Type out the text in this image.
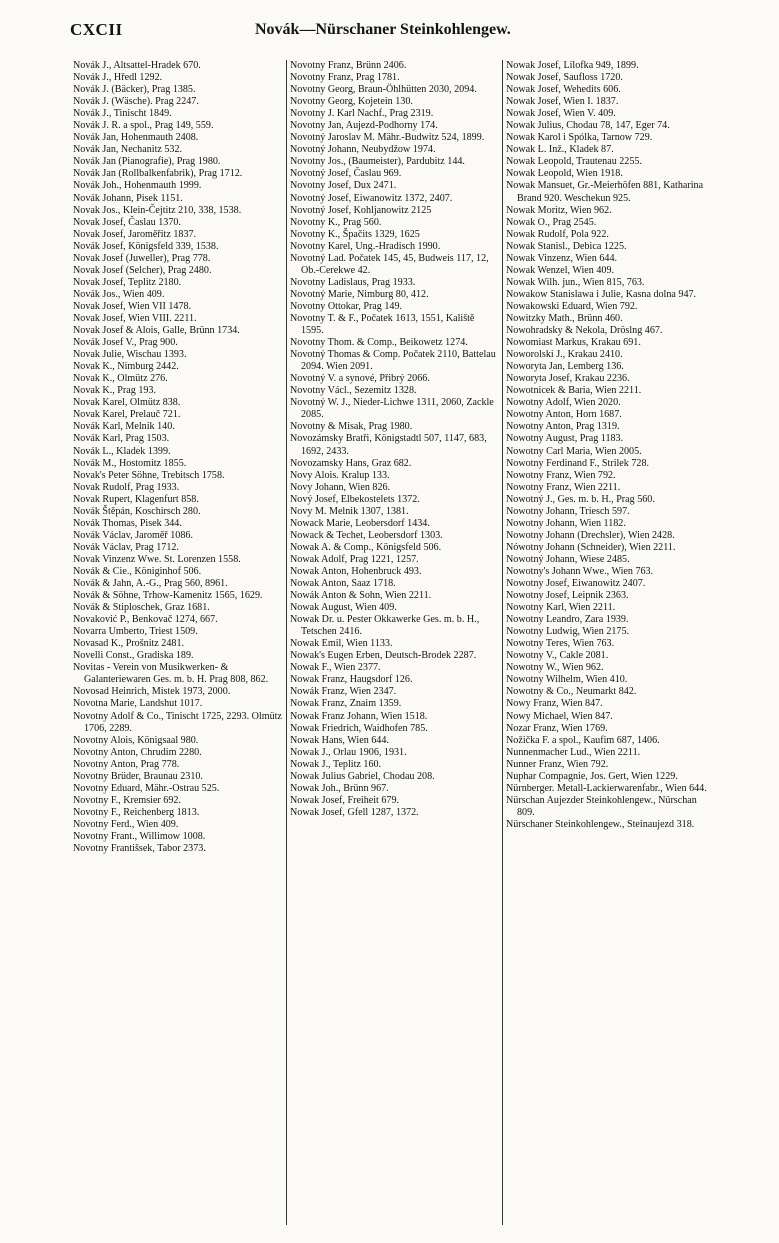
CXCII	Novák—Nürschaner Steinkohlengew.
Novák J., Altsattel-Hradek 670.
Novák J., Hředl 1292.
Novák J. (Bäcker), Prag 1385.
Novák J. (Wäsche). Prag 2247.
Novák J., Tinischt 1849.
Novák J. R. a spol., Prag 149, 559.
Novák Jan, Hohenmauth 2408.
Novák Jan, Nechanitz 532.
Novák Jan (Pianografie), Prag 1980.
Novák Jan (Rollbalkenfabrik), Prag 1712.
Novák Joh., Hohenmauth 1999.
Novák Johann, Pisek 1151.
Novak Jos., Klein-Čejtitz 210, 338, 1538.
Novak Josef, Časlau 1370.
Novak Josef, Jaroměřitz 1837.
Novák Josef, Königsfeld 339, 1538.
Novak Josef (Juweller), Prag 778.
Novak Josef (Selcher), Prag 2480.
Novak Josef, Teplitz 2180.
Novák Jos., Wien 409.
Novak Josef, Wien VII 1478.
Novak Josef, Wien VIII. 2211.
Novak Josef & Alois, Galle, Brünn 1734.
Novák Josef V., Prag 900.
Novak Julie, Wischau 1393.
Novak K., Nimburg 2442.
Novak K., Olmütz 276.
Novak K., Prag 193.
Novak Karel, Olmütz 838.
Novak Karel, Prelauč 721.
Novák Karl, Melnik 140.
Novák Karl, Prag 1503.
Novák L., Kladek 1399.
Novák M., Hostomitz 1855.
Novak's Peter Söhne, Trebitsch 1758.
Novak Rudolf, Prag 1933.
Novak Rupert, Klagenfurt 858.
Novák Štěpán, Koschirsch 280.
Novák Thomas, Pisek 344.
Novák Václav, Jaroměř 1086.
Novák Václav, Prag 1712.
Novak Vinzenz Wwe. St. Lorenzen 1558.
Novák & Cie., Königinhof 506.
Novák & Jahn, A.-G., Prag 560, 8961.
Novák & Söhne, Trhow-Kamenitz 1565, 1629.
Novák & Stiploschek, Graz 1681.
Novaković P., Benkovač 1274, 667.
Novarra Umberto, Triest 1509.
Novasad K., Prošnitz 2481.
Novelli Const., Gradiska 189.
Novitas - Verein von Musikwerken- & Galanteriewaren Ges. m. b. H. Prag 808, 862.
Novosad Heinrich, Mistek 1973, 2000.
Novotna Marie, Landshut 1017.
Novotny Adolf & Co., Tinischt 1725, 2293. Olmütz 1706, 2289.
Novotny Alois, Königsaal 980.
Novotny Anton, Chrudim 2280.
Novotny Anton, Prag 778.
Novotny Brüder, Braunau 2310.
Novotny Eduard, Mähr.-Ostrau 525.
Novotny F., Kremsier 692.
Novotny F., Reichenberg 1813.
Novotny Ferd., Wien 409.
Novotny Frant., Willimow 1008.
Novotny Františsek, Tabor 2373.
Novotny Franz, Brünn 2406.
Novotny Franz, Prag 1781.
Novotny Georg, Braun-Öhlhütten 2030, 2094.
Novotny Georg, Kojetein 130.
Novotny J. Karl Nachf., Prag 2319.
Novotny Jan, Aujezd-Podhorny 174.
Novotný Jaroslav M. Mähr.-Budwitz 524, 1899.
Novotný Johann, Neubydžow 1974.
Novotny Jos., (Baumeister), Pardubitz 144.
Novotný Josef, Časlau 969.
Novotny Josef, Dux 2471.
Novotný Josef, Eiwanowitz 1372, 2407.
Novotný Josef, Kohljanowitz 2125
Novotny K., Prag 560.
Novotny K., Špačits 1329, 1625
Novotny Karel, Ung.-Hradisch 1990.
Novotný Lad. Počatek 145, 45, Budweis 117, 12, Ob.-Cerekwe 42.
Novotny Ladislaus, Prag 1933.
Novotný Marie, Nimburg 80, 412.
Novotny Ottokar, Prag 149.
Novotny T. & F., Počatek 1613, 1551, Kaliště 1595.
Novotny Thom. & Comp., Beikowetz 1274.
Novotný Thomas & Comp. Počatek 2110, Battelau 2094. Wien 2091.
Novotný V. a synové, Přibrý 2066.
Novotny Václ., Sezemitz 1328.
Novotný W. J., Nieder-Lichwe 1311, 2060, Zackle 2085.
Novotny & Misak, Prag 1980.
Novozámsky Bratři, Königstadtl 507, 1147, 683, 1692, 2433.
Novozamsky Hans, Graz 682.
Novy Alois. Kralup 133.
Novy Johann, Wien 826.
Nový Josef, Elbekostelets 1372.
Novy M. Melnik 1307, 1381.
Nowack Marie, Leobersdorf 1434.
Nowack & Techet, Leobersdorf 1303.
Nowak A. & Comp., Königsfeld 506.
Nowak Adolf, Prag 1221, 1257.
Nowak Anton, Hohenbruck 493.
Nowak Anton, Saaz 1718.
Nowák Anton & Sohn, Wien 2211.
Nowak August, Wien 409.
Nowak Dr. u. Pester Okkawerke Ges. m. b. H., Tetschen 2416.
Nowak Emil, Wien 1133.
Nowak's Eugen Erben, Deutsch-Brodek 2287.
Nowak F., Wien 2377.
Nowak Franz, Haugsdorf 126.
Nowák Franz, Wien 2347.
Nowak Franz, Znaim 1359.
Nowak Franz Johann, Wien 1518.
Nowak Friedrich, Waidhofen 785.
Nowak Hans, Wien 644.
Nowak J., Orlau 1906, 1931.
Nowak J., Teplitz 160.
Nowak Julius Gabriel, Chodau 208.
Nowak Joh., Brünn 967.
Nowak Josef, Freiheit 679.
Nowak Josef, Gfell 1287, 1372.
Nowak Josef, Lilofka 949, 1899.
Nowak Josef, Saufloss 1720.
Nowak Josef, Wehedits 606.
Nowak Josef, Wien I. 1837.
Nowak Josef, Wien V. 409.
Nowak Julius, Chodau 78, 147, Eger 74.
Nowak Karol i Spólka, Tarnow 729.
Nowak L. Inž., Kladek 87.
Nowak Leopold, Trautenau 2255.
Nowak Leopold, Wien 1918.
Nowak Mansuet, Gr.-Meierhöfen 881, Katharina Brand 920. Weschekun 925.
Nowak Moritz, Wien 962.
Nowak O., Prag 2545.
Nowak Rudolf, Pola 922.
Nowak Stanisl., Debica 1225.
Nowak Vinzenz, Wien 644.
Nowak Wenzel, Wien 409.
Nowak Wilh. jun., Wien 815, 763.
Nowakow Stanislawa i Julie, Kasna dolna 947.
Nowakowski Eduard, Wien 792.
Nowitzky Math., Brünn 460.
Nowohradsky & Nekola, Dröslng 467.
Nowomiast Markus, Krakau 691.
Noworolski J., Krakau 2410.
Noworyta Jan, Lemberg 136.
Noworyta Josef, Krakau 2236.
Nowotnicek & Baria, Wien 2211.
Nowotny Adolf, Wien 2020.
Nowotny Anton, Horn 1687.
Nowotny Anton, Prag 1319.
Nowotny August, Prag 1183.
Nowotny Carl Maria, Wien 2005.
Nowotny Ferdinand F., Strilek 728.
Nowotny Franz, Wien 792.
Nowotny Franz, Wien 2211.
Nowotný J., Ges. m. b. H., Prag 560.
Nowotny Johann, Triesch 597.
Nowotny Johann, Wien 1182.
Nowotny Johann (Drechsler), Wien 2428.
Nówotny Johann (Schneider), Wien 2211.
Nowotný Johann, Wiese 2485.
Nowotny's Johann Wwe., Wien 763.
Nowotny Josef, Eiwanowitz 2407.
Nowotny Josef, Leipnik 2363.
Nowotny Karl, Wien 2211.
Nowotny Leandro, Zara 1939.
Nowotny Ludwig, Wien 2175.
Nowotny Teres, Wien 763.
Nowotny V., Cakle 2081.
Nowotny W., Wien 962.
Nowotny Wilhelm, Wien 410.
Nowotny & Co., Neumarkt 842.
Nowy Franz, Wien 847.
Nowy Michael, Wien 847.
Nozar Franz, Wien 1769.
Nožička F. a spol., Kaufim 687, 1406.
Nunnenmacher Lud., Wien 2211.
Nunner Franz, Wien 792.
Nuphar Compagnie, Jos. Gert, Wien 1229.
Nürnberger. Metall-Lackierwarenfabr., Wien 644.
Nürschan Aujezder Steinkohlengew., Nürschan 809.
Nürschaner Steinkohlengew., Steinaujezd 318.
